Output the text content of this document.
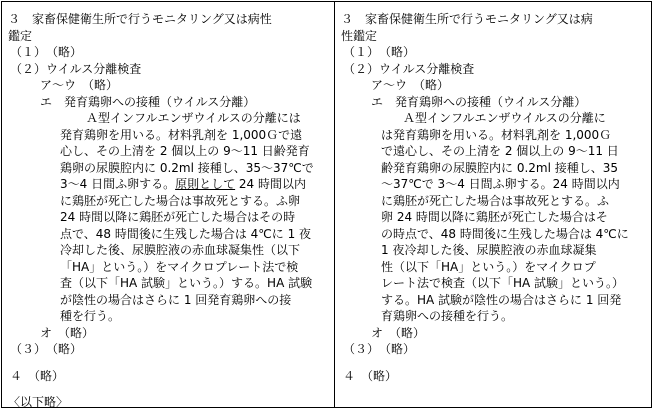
３　家畜保健衛生所で行うモニタリング又は病性
鑑定
（１）　（略）
（２）ウイルス分離検査
ア～ウ　（略）
エ　発育鶏卵への接種（ウイルス分離）
Ａ型インフルエンザウイルスの分離には
発育鶏卵を用いる。材料乳剤を 1,000Ｇで遠
心し、その上清を 2 個以上の 9～11 日齢発育
鶏卵の尿膜腔内に 0.2ml 接種し、35～37℃で
3～4 日間ふ卵する。原則として 24 時間以内
に鶏胚が死亡した場合は事故死とする。ふ卵
24 時間以降に鶏胚が死亡した場合はその時
点で、48 時間後に生残した場合は 4℃に 1 夜
冷却した後、尿膜腔液の赤血球凝集性（以下
「HA」という。）をマイクロプレート法で検
査（以下「HA 試験」という。）する。HA 試験
が陰性の場合はさらに 1 回発育鶏卵への接
種を行う。
オ　（略）
（３）　（略）
４　（略）
〈以下略〉
３　家畜保健衛生所で行うモニタリング又は病
性鑑定
（１）　（略）
（２）ウイルス分離検査
ア～ウ　（略）
エ　発育鶏卵への接種（ウイルス分離）
Ａ型インフルエンザウイルスの分離に
は発育鶏卵を用いる。材料乳剤を 1,000Ｇ
で遠心し、その上清を 2 個以上の 9～11 日
齢発育鶏卵の尿膜腔内に 0.2ml 接種し、35
～37℃で 3～4 日間ふ卵する。24 時間以内
に鶏胚が死亡した場合は事故死とする。ふ
卵 24 時間以降に鶏胚が死亡した場合はそ
の時点で、48 時間後に生残した場合は 4℃に
1 夜冷却した後、尿膜腔液の赤血球凝集
性（以下「HA」という。）をマイクロプ
レート法で検査（以下「HA 試験」という。）
する。HA 試験が陰性の場合はさらに 1 回発
育鶏卵への接種を行う。
オ　（略）
（３）　（略）
４　（略）
